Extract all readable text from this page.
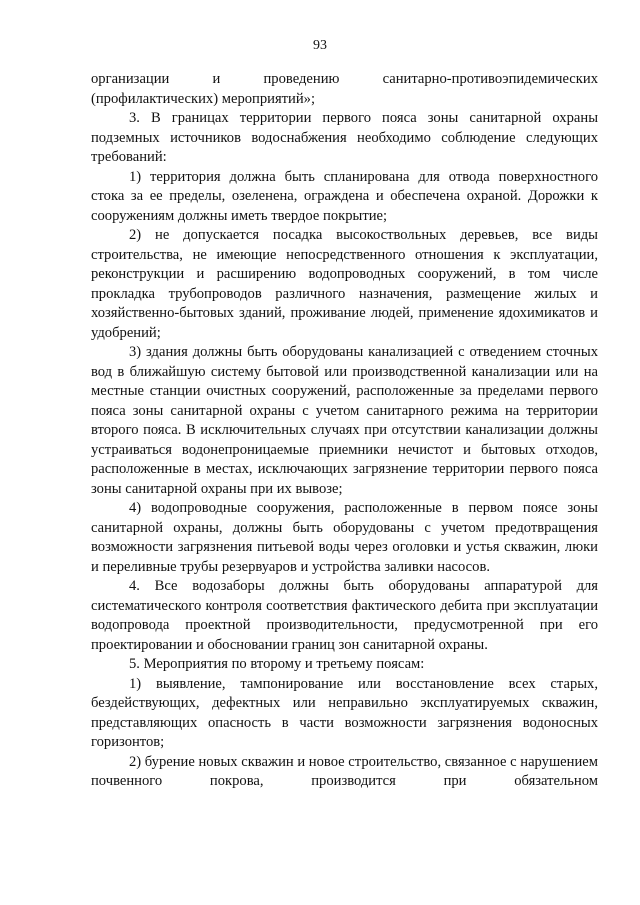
93

организации и проведению санитарно-противоэпидемических (профилактических) мероприятий»;

3. В границах территории первого пояса зоны санитарной охраны подземных источников водоснабжения необходимо соблюдение следующих требований:

1) территория должна быть спланирована для отвода поверхностного стока за ее пределы, озеленена, ограждена и обеспечена охраной. Дорожки к сооружениям должны иметь твердое покрытие;

2) не допускается посадка высокоствольных деревьев, все виды строительства, не имеющие непосредственного отношения к эксплуатации, реконструкции и расширению водопроводных сооружений, в том числе прокладка трубопроводов различного назначения, размещение жилых и хозяйственно-бытовых зданий, проживание людей, применение ядохимикатов и удобрений;

3) здания должны быть оборудованы канализацией с отведением сточных вод в ближайшую систему бытовой или производственной канализации или на местные станции очистных сооружений, расположенные за пределами первого пояса зоны санитарной охраны с учетом санитарного режима на территории второго пояса. В исключительных случаях при отсутствии канализации должны устраиваться водонепроницаемые приемники нечистот и бытовых отходов, расположенные в местах, исключающих загрязнение территории первого пояса зоны санитарной охраны при их вывозе;

4) водопроводные сооружения, расположенные в первом поясе зоны санитарной охраны, должны быть оборудованы с учетом предотвращения возможности загрязнения питьевой воды через оголовки и устья скважин, люки и переливные трубы резервуаров и устройства заливки насосов.

4. Все водозаборы должны быть оборудованы аппаратурой для систематического контроля соответствия фактического дебита при эксплуатации водопровода проектной производительности, предусмотренной при его проектировании и обосновании границ зон санитарной охраны.

5. Мероприятия по второму и третьему поясам:

1) выявление, тампонирование или восстановление всех старых, бездействующих, дефектных или неправильно эксплуатируемых скважин, представляющих опасность в части возможности загрязнения водоносных горизонтов;

2) бурение новых скважин и новое строительство, связанное с нарушением почвенного покрова, производится при обязательном
